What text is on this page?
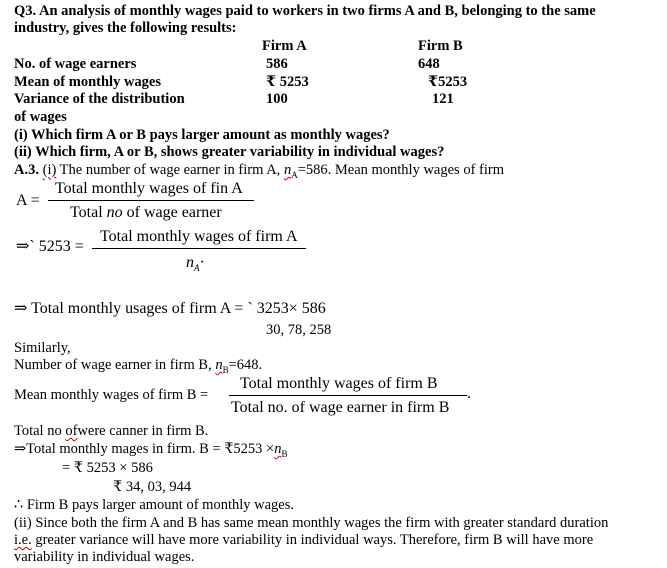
Q3. An analysis of monthly wages paid to workers in two firms A and B, belonging to the same
industry, gives the following results:
Firm A	Firm B
No. of wage earners	586	648
Mean of monthly wages	₹ 5253	₹5253
Variance of the distribution	100	121
of wages
(i) Which firm A or B pays larger amount as monthly wages?
(ii) Which firm, A or B, shows greater variability in individual wages?
A.3. (i) The number of wage earner in firm A, $n_A=586$. Mean monthly wages of firm
A =
Total monthly wages of fin A
Total no of wage earner
⇒` 5253 =
Total monthly wages of firm A
$n_A\cdot$
⇒ Total monthly usages of firm A = ` 3253× 586
30, 78, 258
Similarly,
Number of wage earner in firm B, $n_B=648$.
Mean monthly wages of firm B =
Total monthly wages of firm B
Total no. of wage earner in firm B
.
Total no ofwere canner in firm B.
⇒Total monthly mages in firm. B = ₹5253 $\times n_B$
= ₹ 5253 × 586
₹ 34, 03, 944
∴ Firm B pays larger amount of monthly wages.
(ii) Since both the firm A and B has same mean monthly wages the firm with greater standard duration
i.e. greater variance will have more variability in individual ways. Therefore, firm B will have more
variability in individual wages.
